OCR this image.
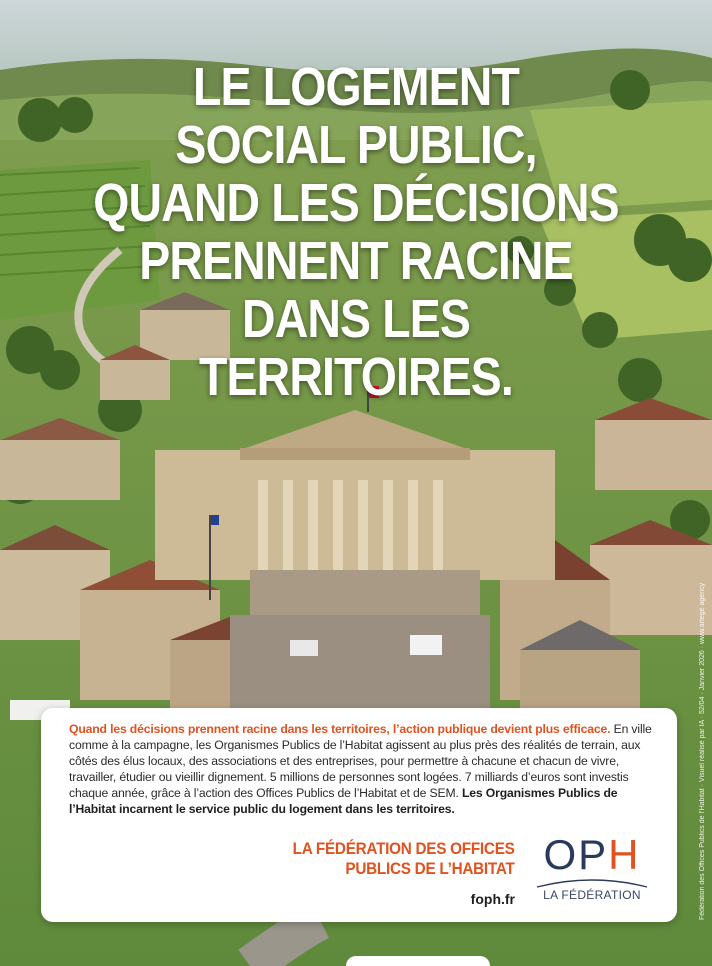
LE LOGEMENT
SOCIAL PUBLIC,
QUAND LES DÉCISIONS
PRENNENT RACINE
DANS LES
TERRITOIRES.

Quand les décisions prennent racine dans les territoires, l’action publique devient plus efficace. En ville comme à la campagne, les Organismes Publics de l’Habitat agissent au plus près des réalités de terrain, aux côtés des élus locaux, des associations et des entreprises, pour permettre à chacune et chacun de vivre, travailler, étudier ou vieillir dignement. 5 millions de personnes sont logées. 7 milliards d’euros sont investis chaque année, grâce à l’action des Offices Publics de l’Habitat et de SEM. Les Organismes Publics de l’Habitat incarnent le service public du logement dans les territoires.

LA FÉDÉRATION DES OFFICES
PUBLICS DE L’HABITAT
foph.fr
OPH
LA FÉDÉRATION	Fédération des Offices Publics de l’Habitat · Visuel réalisé par IA · 52/04 · Janvier 2026 · www.artegé agency
